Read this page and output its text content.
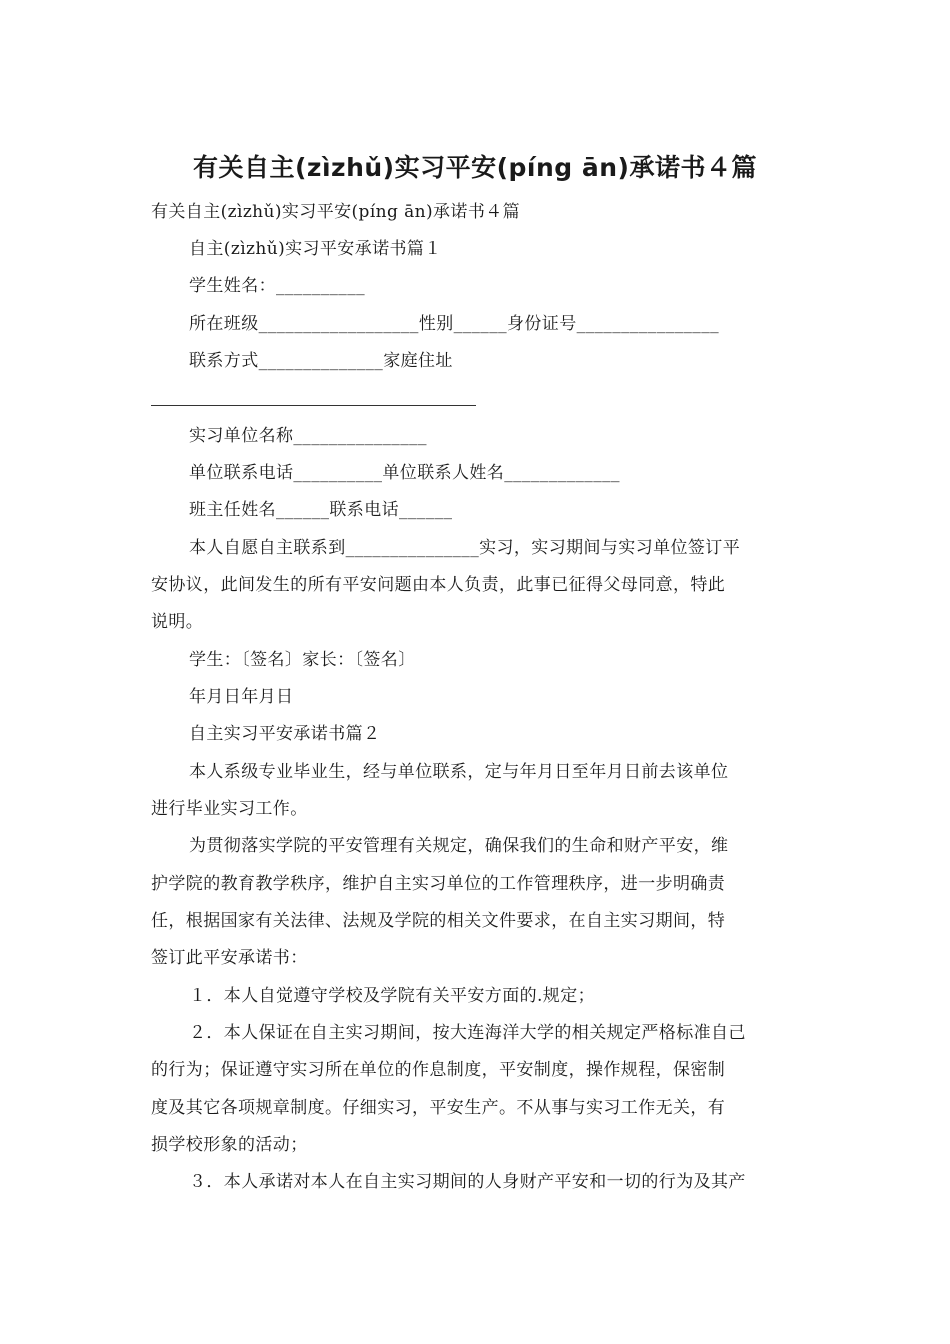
有关自主(zìzhǔ)实习平安(píng ān)承诺书４篇
有关自主(zìzhǔ)实习平安(píng ān)承诺书４篇
自主(zìzhǔ)实习平安承诺书篇１
学生姓名：__________
所在班级__________________性别______身份证号________________
联系方式______________家庭住址
实习单位名称_______________
单位联系电话__________单位联系人姓名_____________
班主任姓名______联系电话______
本人自愿自主联系到_______________实习，实习期间与实习单位签订平
安协议，此间发生的所有平安问题由本人负责，此事已征得父母同意，特此
说明。
学生：〔签名〕家长：〔签名〕
年月日年月日
自主实习平安承诺书篇２
本人系级专业毕业生，经与单位联系，定与年月日至年月日前去该单位
进行毕业实习工作。
为贯彻落实学院的平安管理有关规定，确保我们的生命和财产平安，维
护学院的教育教学秩序，维护自主实习单位的工作管理秩序，进一步明确责
任，根据国家有关法律、法规及学院的相关文件要求，在自主实习期间，特
签订此平安承诺书：
１．本人自觉遵守学校及学院有关平安方面的.规定；
２．本人保证在自主实习期间，按大连海洋大学的相关规定严格标准自己
的行为；保证遵守实习所在单位的作息制度，平安制度，操作规程，保密制
度及其它各项规章制度。仔细实习，平安生产。不从事与实习工作无关，有
损学校形象的活动；
３．本人承诺对本人在自主实习期间的人身财产平安和一切的行为及其产
